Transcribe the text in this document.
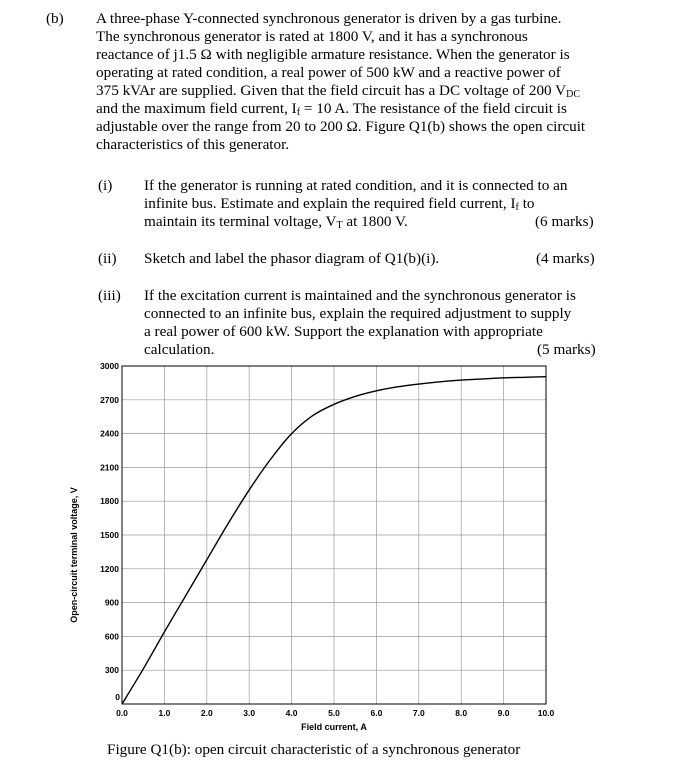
(b) A three-phase Y-connected synchronous generator is driven by a gas turbine.
The synchronous generator is rated at 1800 V, and it has a synchronous
reactance of j1.5 Ω with negligible armature resistance. When the generator is
operating at rated condition, a real power of 500 kW and a reactive power of
375 kVAr are supplied. Given that the field circuit has a DC voltage of 200 $V_{DC}$
and the maximum field current, $I_f = 10$ A. The resistance of the field circuit is
adjustable over the range from 20 to 200 Ω. Figure Q1(b) shows the open circuit
characteristics of this generator.
(i) If the generator is running at rated condition, and it is connected to an
infinite bus. Estimate and explain the required field current, $I_f$ to
maintain its terminal voltage, $V_T$ at 1800 V.	(6 marks)
(ii) Sketch and label the phasor diagram of Q1(b)(i).	(4 marks)
(iii) If the excitation current is maintained and the synchronous generator is
connected to an infinite bus, explain the required adjustment to supply
a real power of 600 kW. Support the explanation with appropriate
calculation.	(5 marks)
0
300
600
900
1200
1500
1800
2100
2400
2700
3000
0.0	1.0	2.0	3.0	4.0	5.0	6.0	7.0	8.0	9.0	10.0
Field current, A
Open-circuit terminal voltage, V
Figure Q1(b): open circuit characteristic of a synchronous generator
